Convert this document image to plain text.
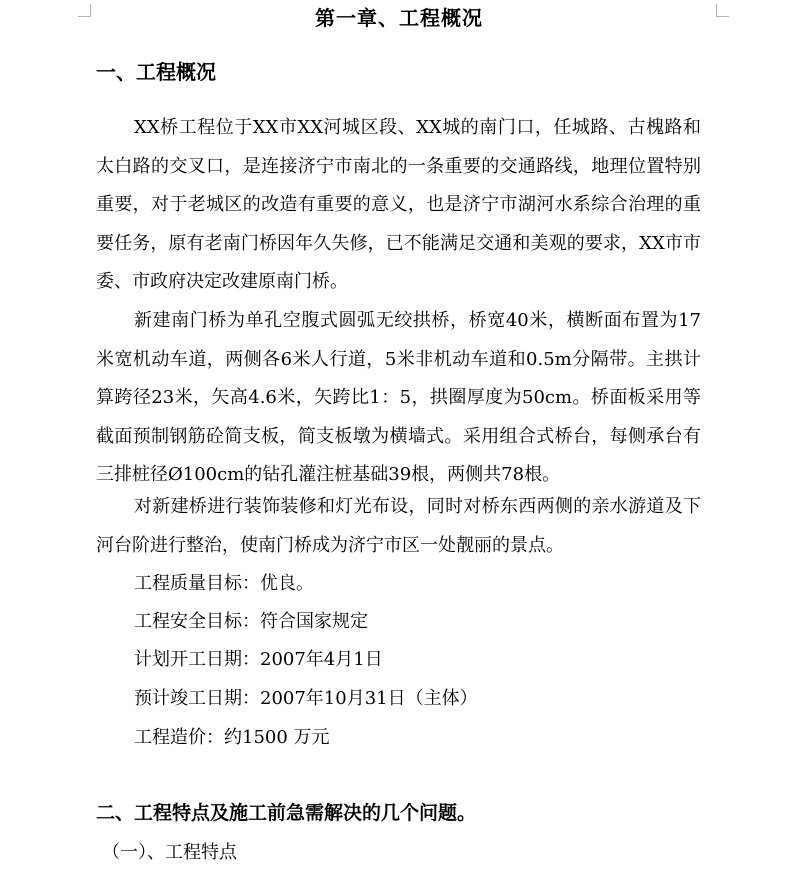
第一章、工程概况
一、工程概况

XX桥工程位于XX市XX河城区段、XX城的南门口，任城路、古槐路和太白路的交叉口，是连接济宁市南北的一条重要的交通路线，地理位置特别重要，对于老城区的改造有重要的意义，也是济宁市湖河水系综合治理的重要任务，原有老南门桥因年久失修，已不能满足交通和美观的要求，XX市市委、市政府决定改建原南门桥。

新建南门桥为单孔空腹式圆弧无绞拱桥，桥宽40米，横断面布置为17米宽机动车道，两侧各6米人行道，5米非机动车道和0.5m分隔带。主拱计算跨径23米，矢高4.6米，矢跨比1：5，拱圈厚度为50cm。桥面板采用等截面预制钢筋砼简支板，简支板墩为横墙式。采用组合式桥台，每侧承台有三排桩径Ø100cm的钻孔灌注桩基础39根，两侧共78根。

对新建桥进行装饰装修和灯光布设，同时对桥东西两侧的亲水游道及下河台阶进行整治，使南门桥成为济宁市区一处靓丽的景点。

工程质量目标：优良。
工程安全目标：符合国家规定
计划开工日期：2007年4月1日
预计竣工日期：2007年10月31日（主体）
工程造价：约1500 万元
二、工程特点及施工前急需解决的几个问题。
（一）、工程特点
